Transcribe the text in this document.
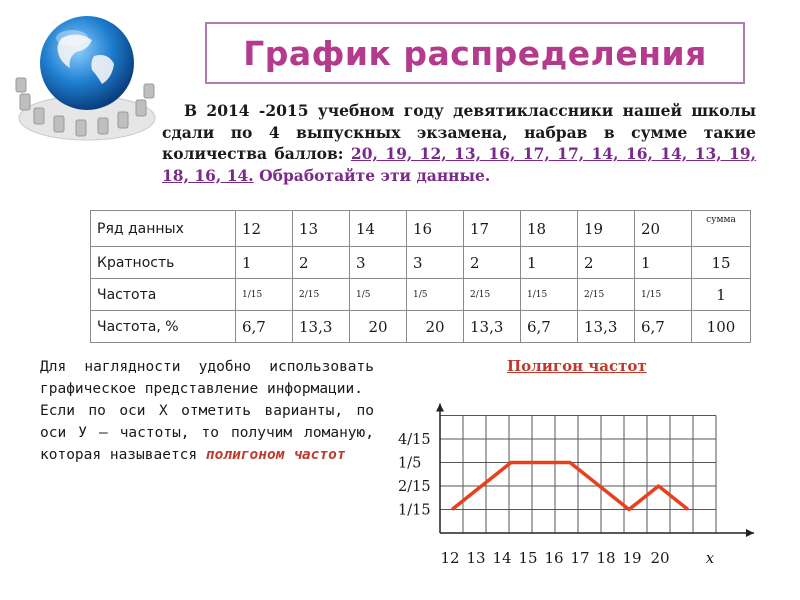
График распределения
В 2014 -2015 учебном году девятиклассники нашей школы сдали по 4 выпускных экзамена, набрав в сумме такие количества баллов: 20, 19, 12, 13, 16, 17, 17, 14, 16, 14, 13, 19, 18, 16, 14. Обработайте эти данные.
Ряд данных	12	13	14	16	17	18	19	20	сумма
Кратность	1	2	3	3	2	1	2	1	15
Частота	1/15	2/15	1/5	1/5	2/15	1/15	2/15	1/15	1
Частота, %	6,7	13,3	20	20	13,3	6,7	13,3	6,7	100

Для наглядности удобно использовать графическое представление информации.

Если по оси X отметить варианты, по оси У – частоты, то получим ломаную, которая называется полигоном частот

Полигон частот
1/15
2/15
1/5
4/15
12 13 14 15 16 17 18 19 20 x
